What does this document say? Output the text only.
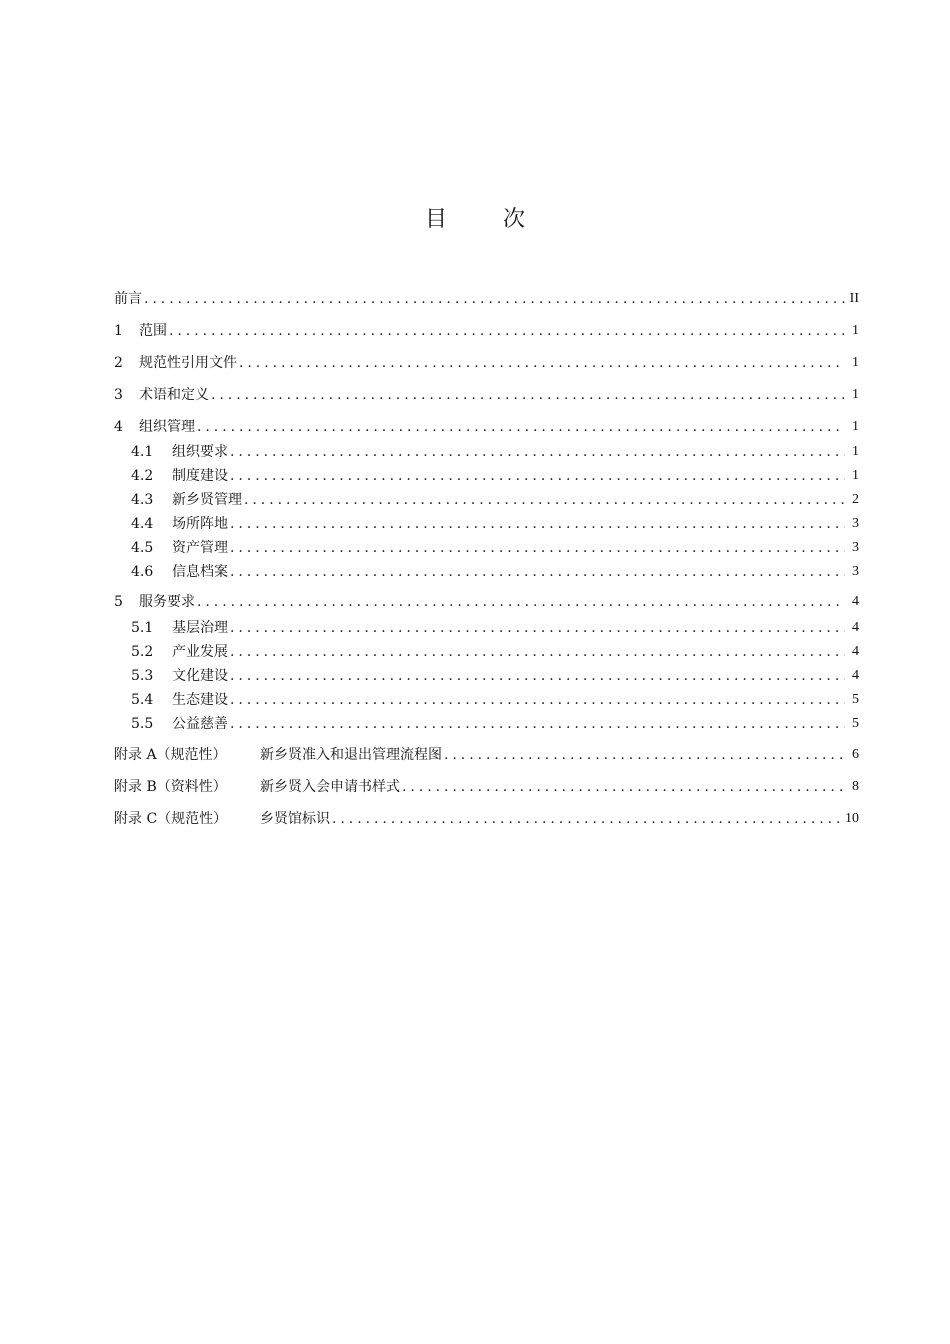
目	次
前言 . . .	II
1	范围 . . .	1
2	规范性引用文件 . . .	1
3	术语和定义 . . .	1
4	组织管理 . . .	1
4.1	组织要求 . . .	1
4.2	制度建设 . . .	1
4.3	新乡贤管理 . . .	2
4.4	场所阵地 . . .	3
4.5	资产管理 . . .	3
4.6	信息档案 . . .	3
5	服务要求 . . .	4
5.1	基层治理 . . .	4
5.2	产业发展 . . .	4
5.3	文化建设 . . .	4
5.4	生态建设 . . .	5
5.5	公益慈善 . . .	5
附录 A（规范性）	新乡贤准入和退出管理流程图 . . .	6
附录 B（资料性）	新乡贤入会申请书样式 . . .	8
附录 C（规范性）	乡贤馆标识 . . .	10
